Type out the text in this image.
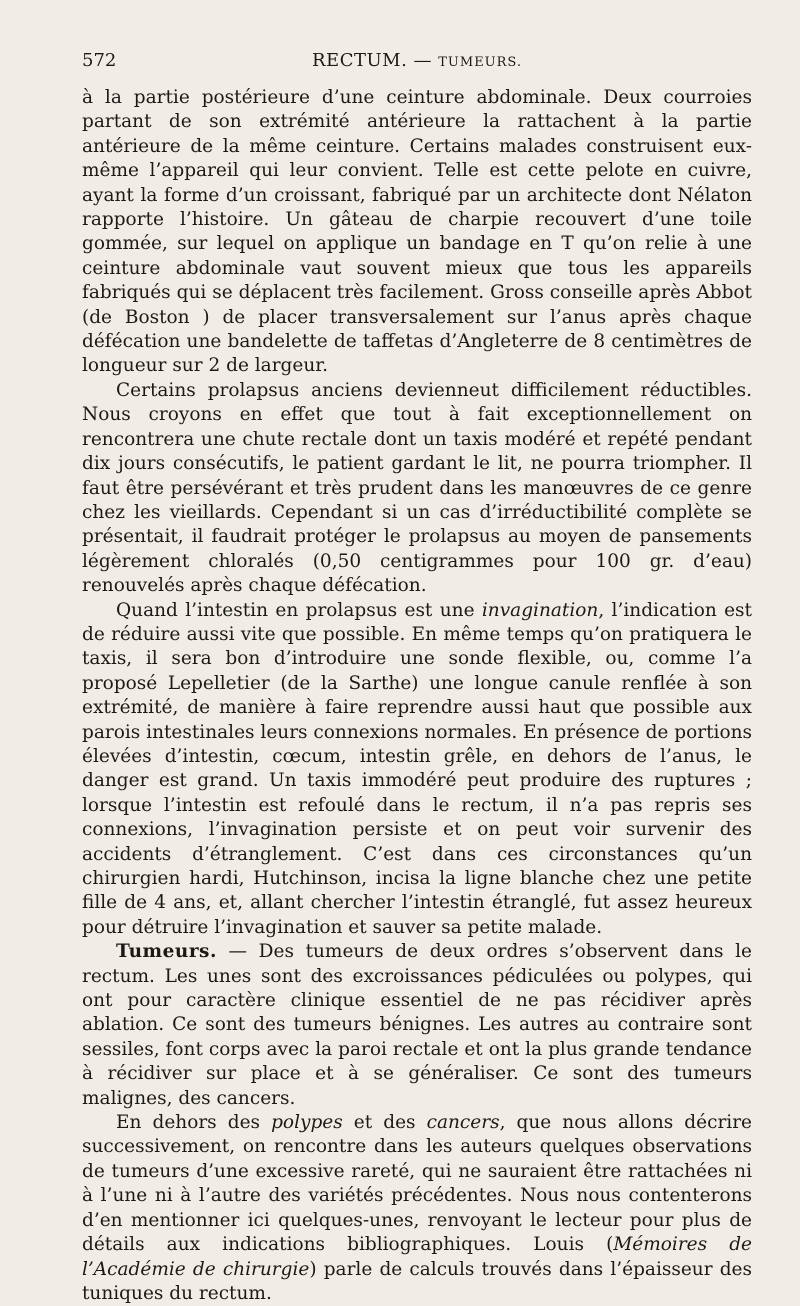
572	RECTUM. — TUMEURS.

à la partie postérieure d’une ceinture abdominale. Deux courroies partant de son extrémité antérieure la rattachent à la partie antérieure de la même ceinture. Certains malades construisent eux-même l’appareil qui leur convient. Telle est cette pelote en cuivre, ayant la forme d’un croissant, fabriqué par un architecte dont Nélaton rapporte l’histoire. Un gâteau de charpie recouvert d’une toile gommée, sur lequel on applique un bandage en T qu’on relie à une ceinture abdominale vaut souvent mieux que tous les appareils fabriqués qui se déplacent très facilement. Gross conseille après Abbot (de Boston ) de placer transversalement sur l’anus après chaque défécation une bandelette de taffetas d’Angleterre de 8 centimètres de longueur sur 2 de largeur.

Certains prolapsus anciens devienneut difficilement réductibles. Nous croyons en effet que tout à fait exceptionnellement on rencontrera une chute rectale dont un taxis modéré et repété pendant dix jours consécutifs, le patient gardant le lit, ne pourra triompher. Il faut être persévérant et très prudent dans les manœuvres de ce genre chez les vieillards. Cependant si un cas d’irréductibilité complète se présentait, il faudrait protéger le prolapsus au moyen de pansements légèrement chloralés (0,50 centigrammes pour 100 gr. d’eau) renouvelés après chaque défécation.

Quand l’intestin en prolapsus est une invagination, l’indication est de réduire aussi vite que possible. En même temps qu’on pratiquera le taxis, il sera bon d’introduire une sonde flexible, ou, comme l’a proposé Lepelletier (de la Sarthe) une longue canule renflée à son extrémité, de manière à faire reprendre aussi haut que possible aux parois intestinales leurs connexions normales. En présence de portions élevées d’intestin, cœcum, intestin grêle, en dehors de l’anus, le danger est grand. Un taxis immodéré peut produire des ruptures ; lorsque l’intestin est refoulé dans le rectum, il n’a pas repris ses connexions, l’invagination persiste et on peut voir survenir des accidents d’étranglement. C’est dans ces circonstances qu’un chirurgien hardi, Hutchinson, incisa la ligne blanche chez une petite fille de 4 ans, et, allant chercher l’intestin étranglé, fut assez heureux pour détruire l’invagination et sauver sa petite malade.

Tumeurs. — Des tumeurs de deux ordres s’observent dans le rectum. Les unes sont des excroissances pédiculées ou polypes, qui ont pour caractère clinique essentiel de ne pas récidiver après ablation. Ce sont des tumeurs bénignes. Les autres au contraire sont sessiles, font corps avec la paroi rectale et ont la plus grande tendance à récidiver sur place et à se généraliser. Ce sont des tumeurs malignes, des cancers.

En dehors des polypes et des cancers, que nous allons décrire successivement, on rencontre dans les auteurs quelques observations de tumeurs d’une excessive rareté, qui ne sauraient être rattachées ni à l’une ni à l’autre des variétés précédentes. Nous nous contenterons d’en mentionner ici quelques-unes, renvoyant le lecteur pour plus de détails aux indications bibliographiques. Louis (Mémoires de l’Académie de chirurgie) parle de calculs trouvés dans l’épaisseur des tuniques du rectum.
